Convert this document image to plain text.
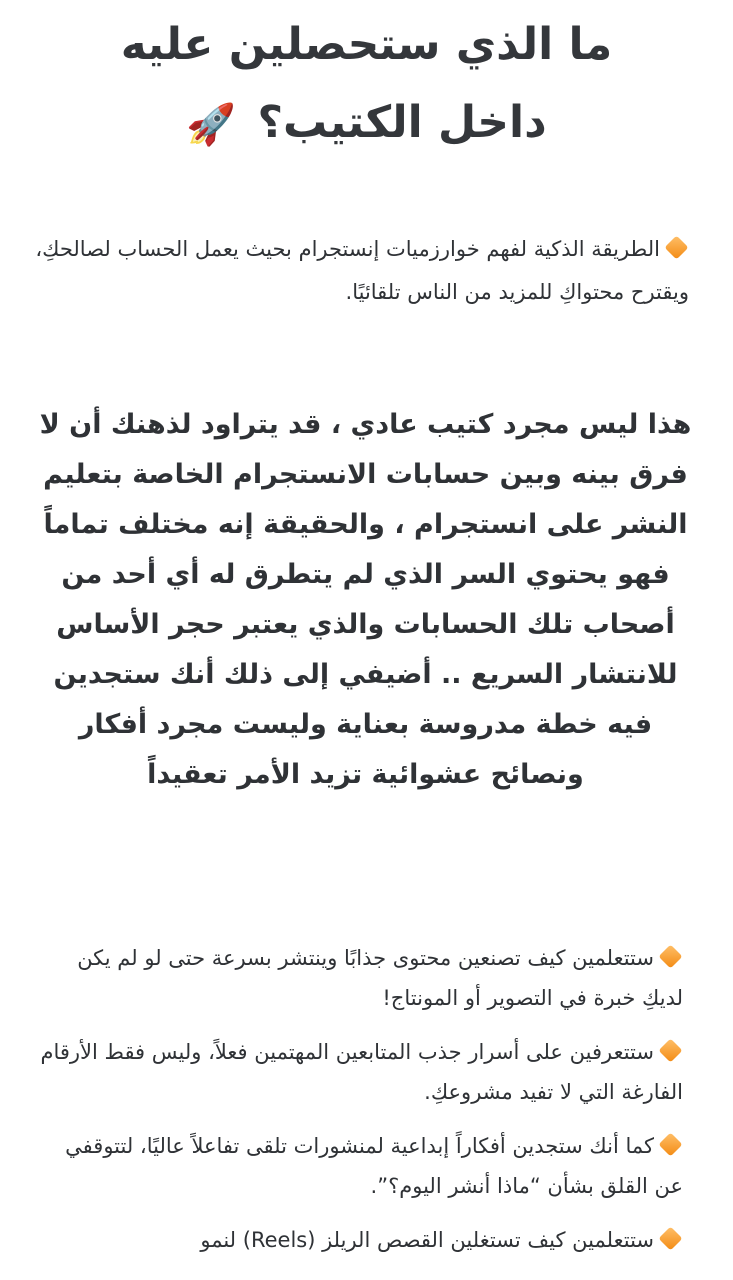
ما الذي ستحصلين عليه داخل الكتيب؟ 🚀

الطريقة الذكية لفهم خوارزميات إنستجرام بحيث يعمل الحساب لصالحكِ، ويقترح محتواكِ للمزيد من الناس تلقائيًا.

هذا ليس مجرد كتيب عادي ، قد يتراود لذهنك أن لا فرق بينه وبين حسابات الانستجرام الخاصة بتعليم النشر على انستجرام ، والحقيقة إنه مختلف تماماً فهو يحتوي السر الذي لم يتطرق له أي أحد من أصحاب تلك الحسابات والذي يعتبر حجر الأساس للانتشار السريع .. أضيفي إلى ذلك أنك ستجدين فيه خطة مدروسة بعناية وليست مجرد أفكار ونصائح عشوائية تزيد الأمر تعقيداً

ستتعلمين كيف تصنعين محتوى جذابًا وينتشر بسرعة حتى لو لم يكن لديكِ خبرة في التصوير أو المونتاج!
ستتعرفين على أسرار جذب المتابعين المهتمين فعلاً، وليس فقط الأرقام الفارغة التي لا تفيد مشروعكِ.
كما أنك ستجدين أفكاراً إبداعية لمنشورات تلقى تفاعلاً عاليًا، لتتوقفي عن القلق بشأن “ماذا أنشر اليوم؟”.
ستتعلمين كيف تستغلين القصص الريلز (Reels) لنمو
